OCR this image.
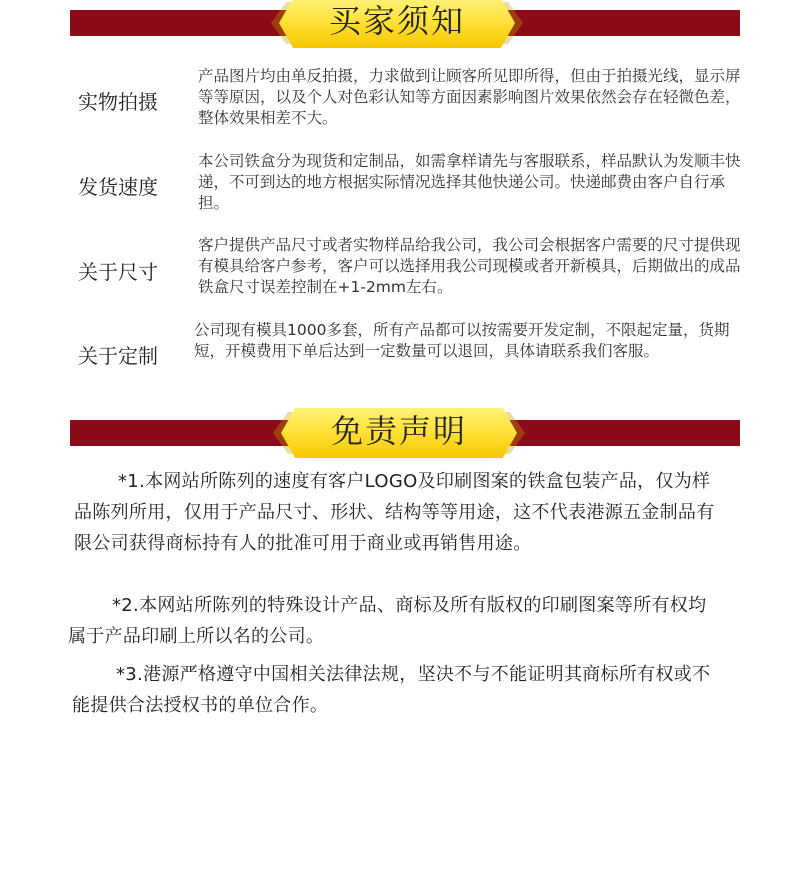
买家须知
实物拍摄
产品图片均由单反拍摄，力求做到让顾客所见即所得，但由于拍摄光线，显示屏等等原因，以及个人对色彩认知等方面因素影响图片效果依然会存在轻微色差，整体效果相差不大。
发货速度
本公司铁盒分为现货和定制品，如需拿样请先与客服联系，样品默认为发顺丰快递，不可到达的地方根据实际情况选择其他快递公司。快递邮费由客户自行承担。
关于尺寸
客户提供产品尺寸或者实物样品给我公司，我公司会根据客户需要的尺寸提供现有模具给客户参考，客户可以选择用我公司现模或者开新模具，后期做出的成品铁盒尺寸误差控制在+1-2mm左右。
关于定制
公司现有模具1000多套，所有产品都可以按需要开发定制，不限起定量，货期短，开模费用下单后达到一定数量可以退回，具体请联系我们客服。
免责声明
*1.本网站所陈列的速度有客户LOGO及印刷图案的铁盒包装产品，仅为样品陈列所用，仅用于产品尺寸、形状、结构等等用途，这不代表港源五金制品有限公司获得商标持有人的批准可用于商业或再销售用途。
*2.本网站所陈列的特殊设计产品、商标及所有版权的印刷图案等所有权均属于产品印刷上所以名的公司。
*3.港源严格遵守中国相关法律法规，坚决不与不能证明其商标所有权或不能提供合法授权书的单位合作。
